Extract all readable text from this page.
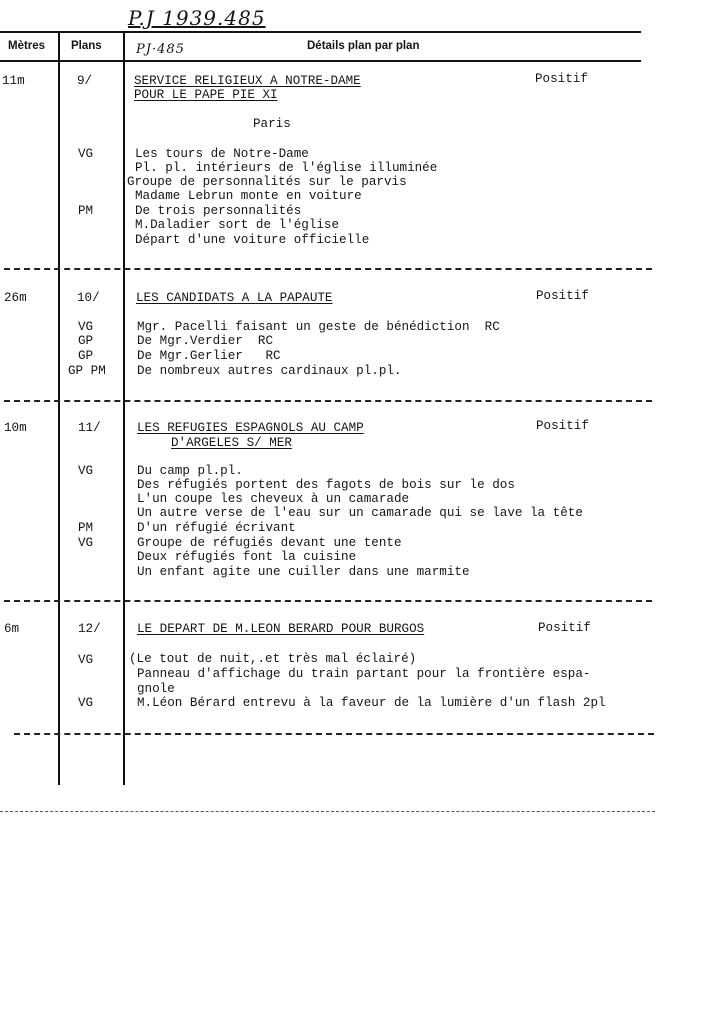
P.J 1939.485
Mètres Plans	PJ·485	Détails plan par plan
11m	9/	SERVICE RELIGIEUX A NOTRE-DAME
POUR LE PAPE PIE XI
Positif
Paris
VG	Les tours de Notre-Dame
Pl. pl. intérieurs de l'église illuminée
Groupe de personnalités sur le parvis
Madame Lebrun monte en voiture
PM	De trois personnalités
M.Daladier sort de l'église
Départ d'une voiture officielle
26m	10/	LES CANDIDATS A LA PAPAUTE	Positif
VG	Mgr. Pacelli faisant un geste de bénédiction  RC
GP	De Mgr.Verdier  RC
GP	De Mgr.Gerlier   RC
GP PM De nombreux autres cardinaux pl.pl.
10m	11/	LES REFUGIES ESPAGNOLS AU CAMP
D'ARGELES S/ MER
Positif
VG	Du camp pl.pl.
Des réfugiés portent des fagots de bois sur le dos
L'un coupe les cheveux à un camarade
Un autre verse de l'eau sur un camarade qui se lave la tête
PM	D'un réfugié écrivant
VG	Groupe de réfugiés devant une tente
Deux réfugiés font la cuisine
Un enfant agite une cuiller dans une marmite
6m	12/	LE DEPART DE M.LEON BERARD POUR BURGOS	Positif
VG	(Le tout de nuit,.et très mal éclairé)
Panneau d'affichage du train partant pour la frontière espa-
gnole
VG	M.Léon Bérard entrevu à la faveur de la lumière d'un flash 2pl
